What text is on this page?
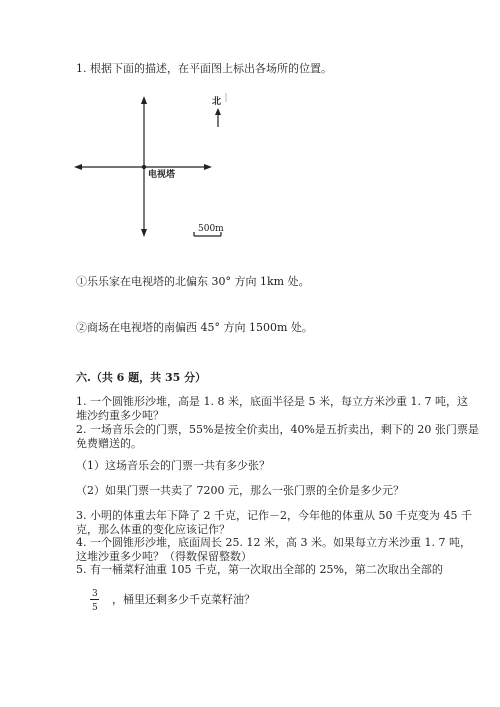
1. 根据下面的描述，在平面图上标出各场所的位置。
北
电视塔
500m
①乐乐家在电视塔的北偏东 30° 方向 1km 处。
②商场在电视塔的南偏西 45° 方向 1500m 处。
六.（共 6 题，共 35 分）
1. 一个圆锥形沙堆，高是 1. 8 米，底面半径是 5 米，每立方米沙重 1. 7 吨，这
堆沙约重多少吨？
2. 一场音乐会的门票，55%是按全价卖出，40%是五折卖出，剩下的 20 张门票是
免费赠送的。
（1）这场音乐会的门票一共有多少张？
（2）如果门票一共卖了 7200 元，那么一张门票的全价是多少元？
3. 小明的体重去年下降了 2 千克，记作－2，今年他的体重从 50 千克变为 45 千
克，那么体重的变化应该记作？
4. 一个圆锥形沙堆，底面周长 25. 12 米，高 3 米。如果每立方米沙重 1. 7 吨，
这堆沙重多少吨？（得数保留整数）
5. 有一桶菜籽油重 105 千克，第一次取出全部的 25%，第二次取出全部的
3
5
，桶里还剩多少千克菜籽油？
